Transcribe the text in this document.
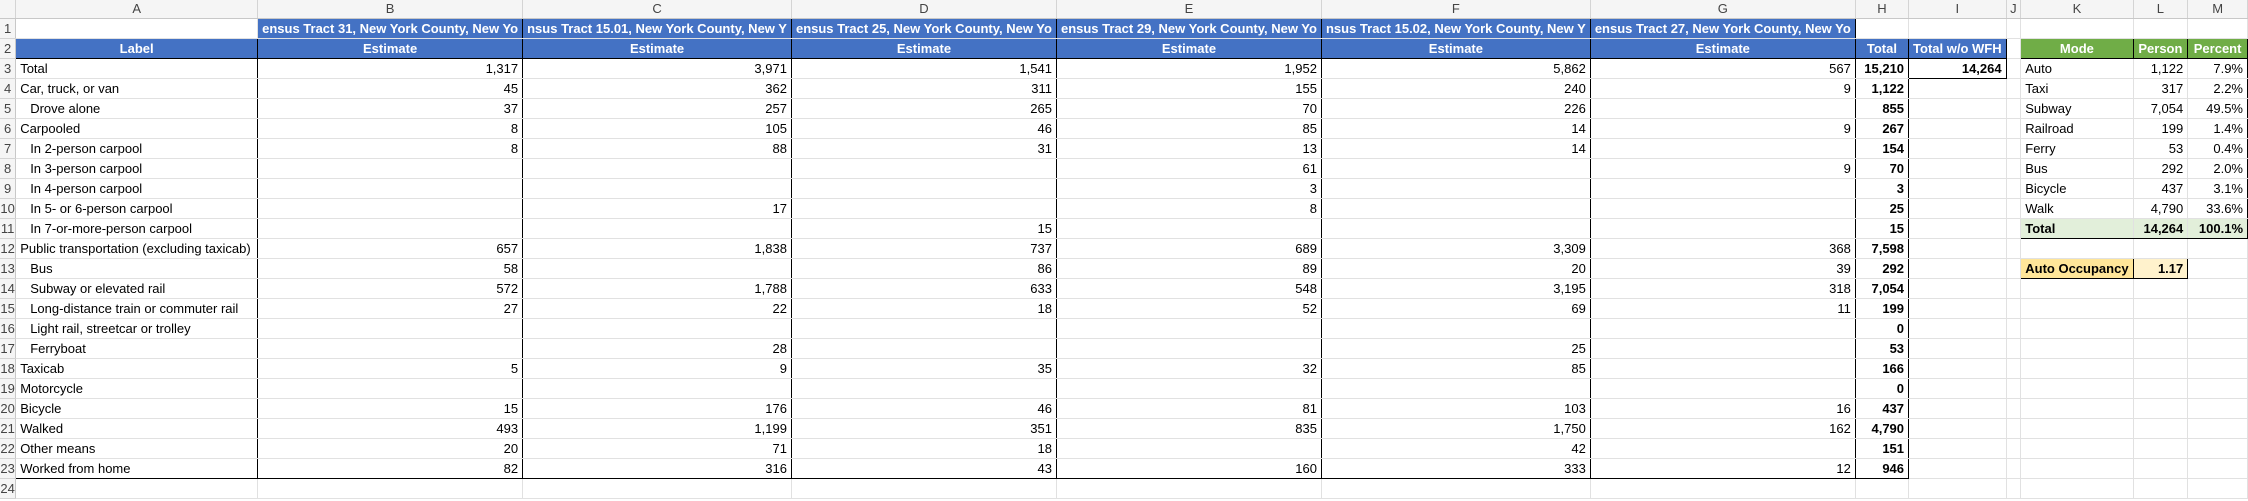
	A	B	C	D	E	F	G	H	I	J	K	L	M
1		ensus Tract 31, New York County, New Yo	nsus Tract 15.01, New York County, New Y	ensus Tract 25, New York County, New Yo	ensus Tract 29, New York County, New Yo	nsus Tract 15.02, New York County, New Y	ensus Tract 27, New York County, New Yo						
2	Label	Estimate	Estimate	Estimate	Estimate	Estimate	Estimate	Total	Total w/o WFH		Mode	Person	Percent
3	Total	1,317	3,971	1,541	1,952	5,862	567	15,210	14,264		Auto	1,122	7.9%
4	Car, truck, or van	45	362	311	155	240	9	1,122			Taxi	317	2.2%
5	Drove alone	37	257	265	70	226		855			Subway	7,054	49.5%
6	Carpooled	8	105	46	85	14	9	267			Railroad	199	1.4%
7	In 2-person carpool	8	88	31	13	14		154			Ferry	53	0.4%
8	In 3-person carpool				61		9	70			Bus	292	2.0%
9	In 4-person carpool				3			3			Bicycle	437	3.1%
10	In 5- or 6-person carpool		17		8			25			Walk	4,790	33.6%
11	In 7-or-more-person carpool			15				15			Total	14,264	100.1%
12	Public transportation (excluding taxicab)	657	1,838	737	689	3,309	368	7,598					
13	Bus	58		86	89	20	39	292			Auto Occupancy	1.17	
14	Subway or elevated rail	572	1,788	633	548	3,195	318	7,054					
15	Long-distance train or commuter rail	27	22	18	52	69	11	199					
16	Light rail, streetcar or trolley							0					
17	Ferryboat		28			25		53					
18	Taxicab	5	9	35	32	85		166					
19	Motorcycle							0					
20	Bicycle	15	176	46	81	103	16	437					
21	Walked	493	1,199	351	835	1,750	162	4,790					
22	Other means	20	71	18		42		151					
23	Worked from home	82	316	43	160	333	12	946					
24													
